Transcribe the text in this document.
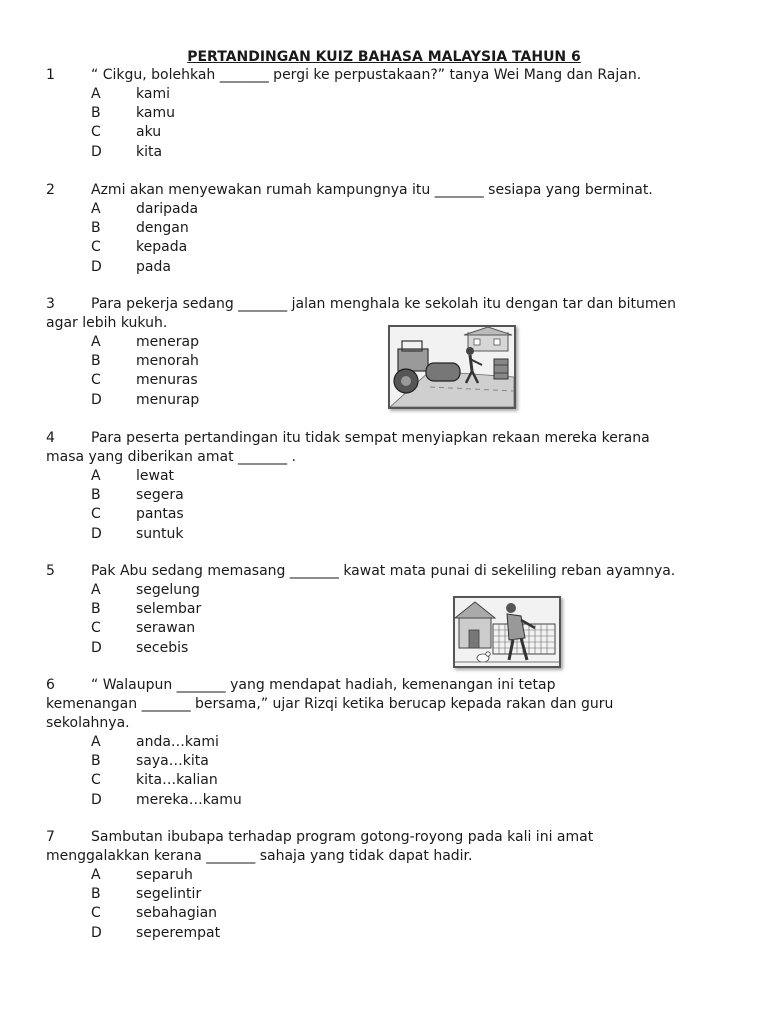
PERTANDINGAN KUIZ BAHASA MALAYSIA TAHUN 6
1	“ Cikgu, bolehkah _______ pergi ke perpustakaan?” tanya Wei Mang dan Rajan.
A	kami
B	kamu
C	aku
D kita
2	Azmi akan menyewakan rumah kampungnya itu _______ sesiapa yang berminat.
A	daripada
B	dengan
C	kepada
D pada
3	Para pekerja sedang _______ jalan menghala ke sekolah itu dengan tar dan bitumen
agar lebih kukuh.
A	menerap
B	menorah
C	menuras
D menurap
4	Para peserta pertandingan itu tidak sempat menyiapkan rekaan mereka kerana
masa yang diberikan amat _______ .
A	lewat
B	segera
C	pantas
D suntuk
5	Pak Abu sedang memasang _______ kawat mata punai di sekeliling reban ayamnya.
A	segelung
B	selembar
C	serawan
D secebis
6	“ Walaupun _______ yang mendapat hadiah, kemenangan ini tetap
kemenangan _______ bersama,” ujar Rizqi ketika berucap kepada rakan dan guru
sekolahnya.
A	anda…kami
B	saya…kita
C	kita…kalian
D mereka…kamu
7	Sambutan ibubapa terhadap program gotong-royong pada kali ini amat
menggalakkan kerana _______ sahaja yang tidak dapat hadir.
A	separuh
B	segelintir
C	sebahagian
D seperempat
